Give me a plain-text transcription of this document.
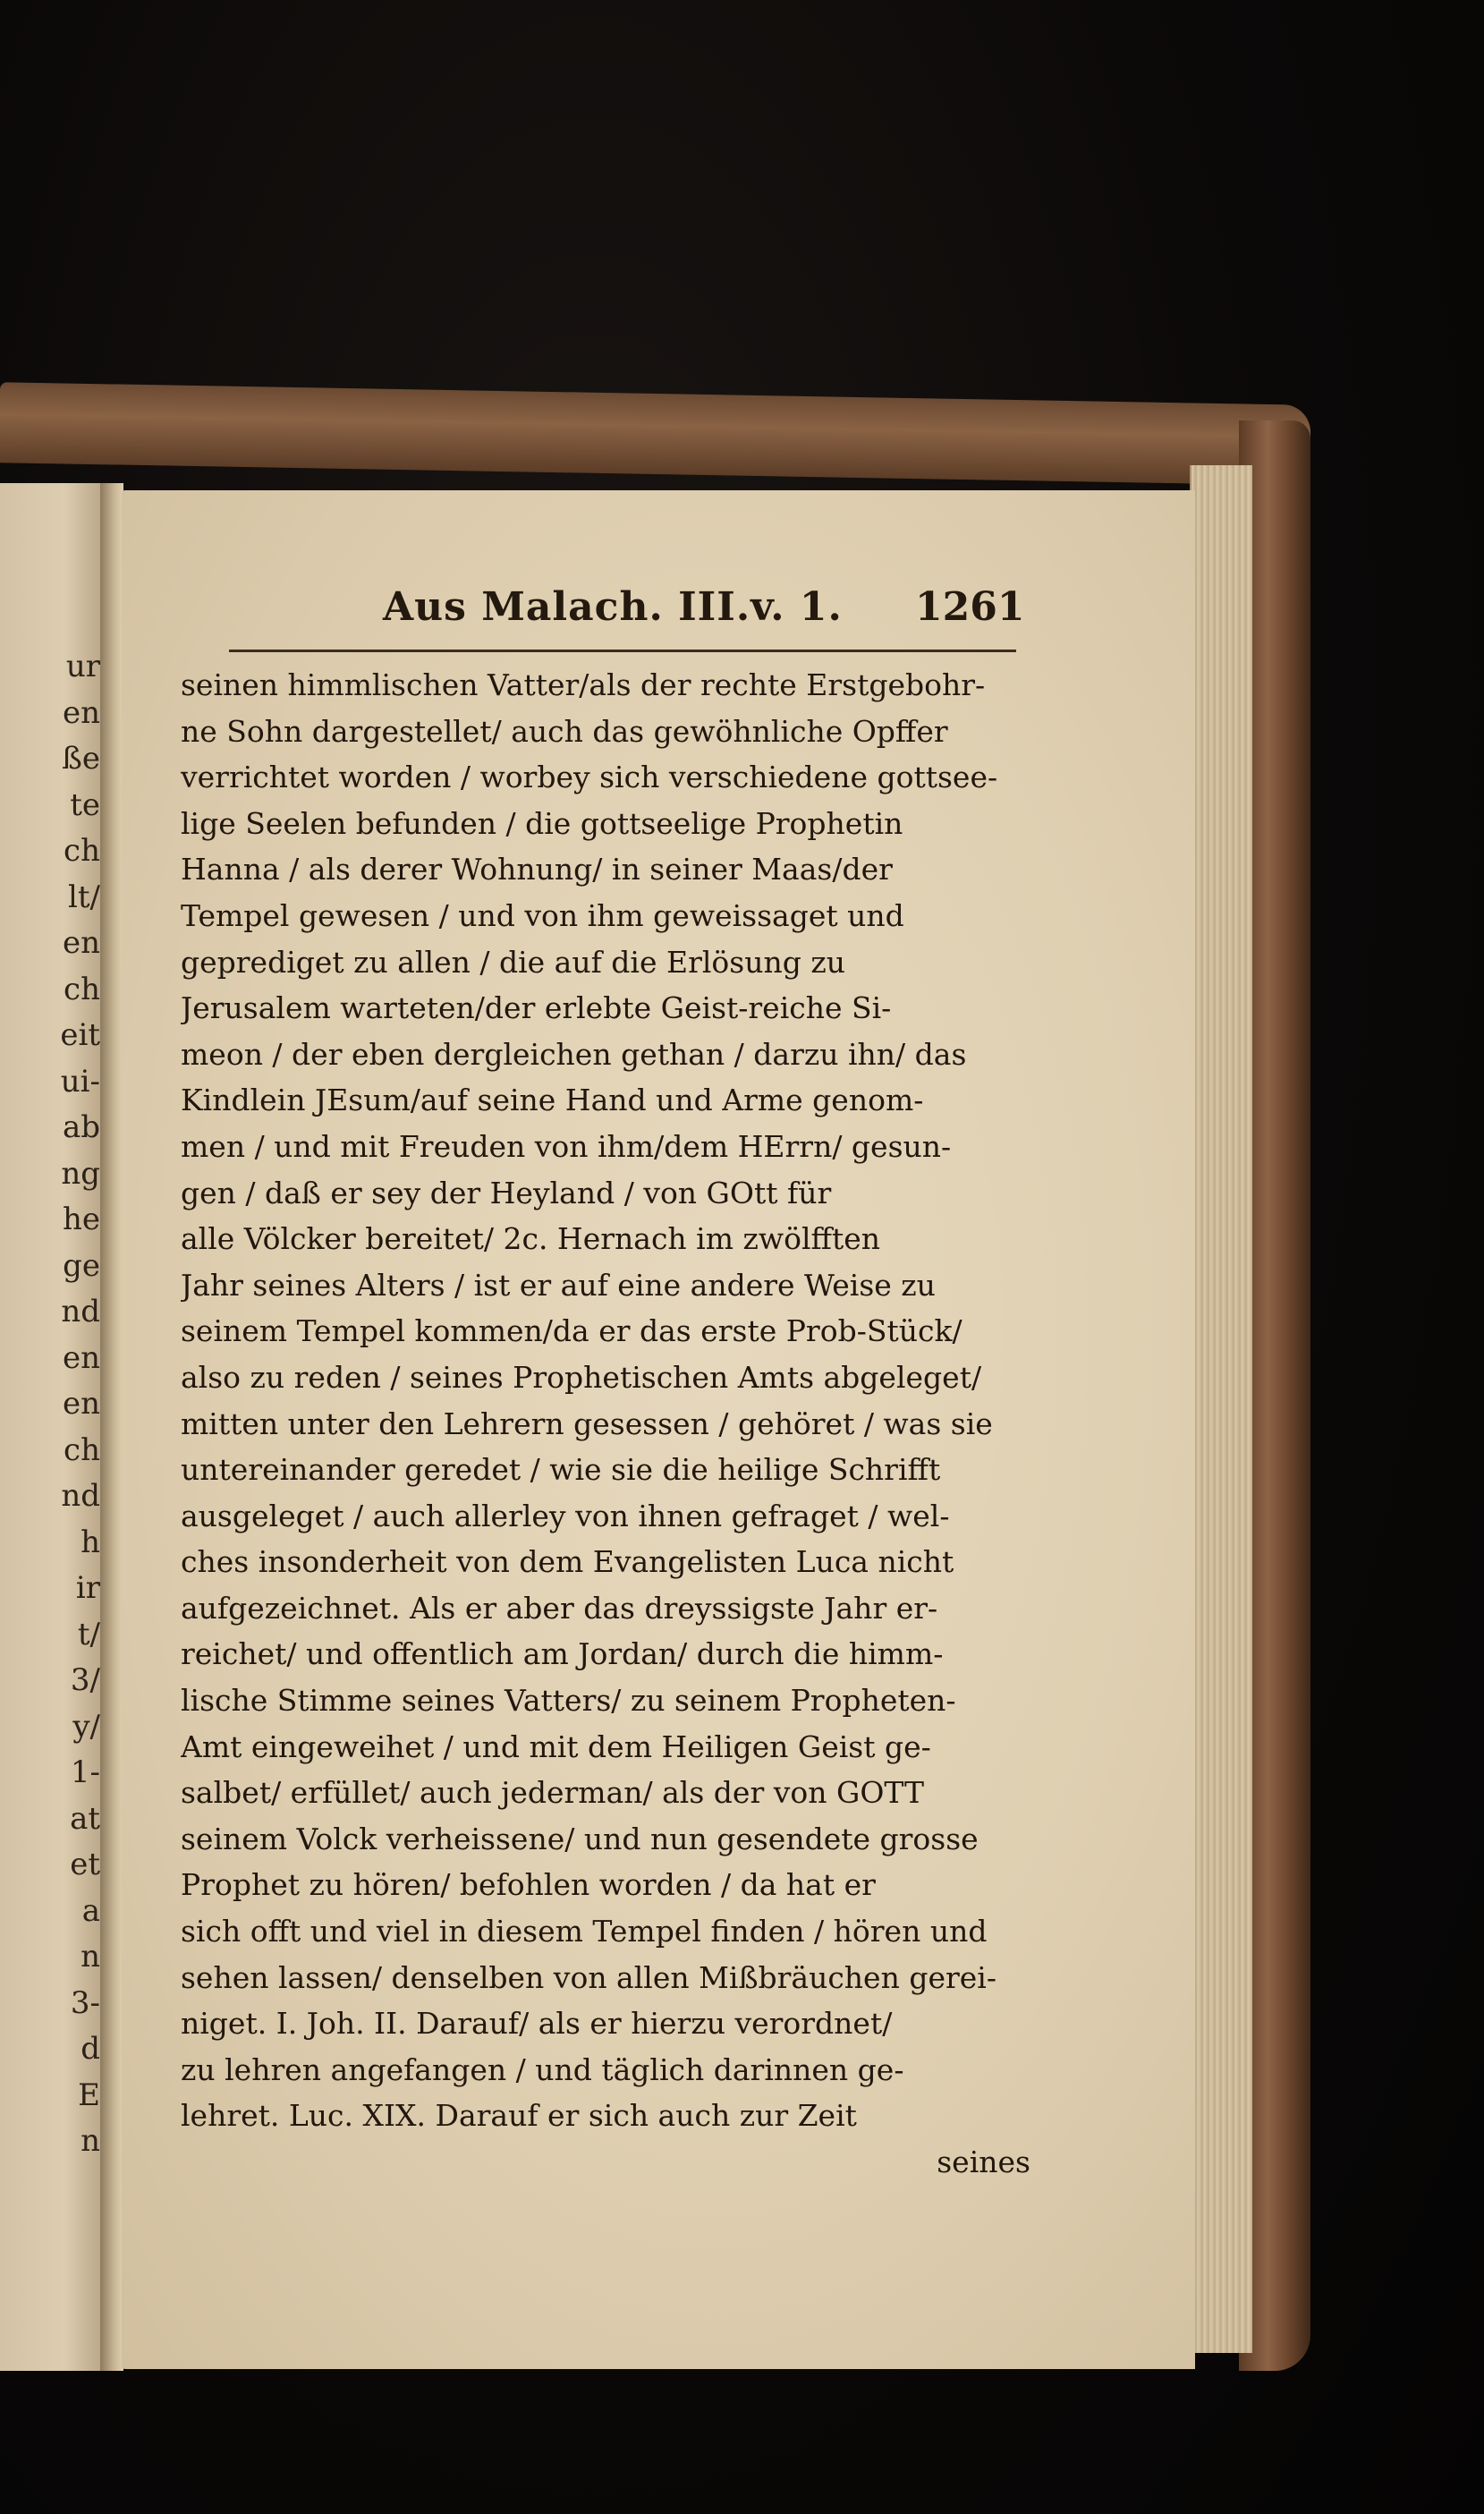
ur
en
ße
te
ch
lt/
en
ch
eit
ui-
ab
ng
he
ge
nd
en
en
ch
nd
h
ir
t/
3/
y/
1-
at
et
a
n
3-
d
E
n
Aus Malach. III.v. 1. 1261
seinen himmlischen Vatter/als der rechte Erstgebohr-
ne Sohn dargestellet/ auch das gewöhnliche Opffer
verrichtet worden / worbey sich verschiedene gottsee-
lige Seelen befunden / die gottseelige Prophetin
Hanna / als derer Wohnung/ in seiner Maas/der
Tempel gewesen / und von ihm geweissaget und
geprediget zu allen / die auf die Erlösung zu
Jerusalem warteten/der erlebte Geist-reiche Si-
meon / der eben dergleichen gethan / darzu ihn/ das
Kindlein JEsum/auf seine Hand und Arme genom-
men / und mit Freuden von ihm/dem HErrn/ gesun-
gen / daß er sey der Heyland / von GOtt für
alle Völcker bereitet/ 2c. Hernach im zwölfften
Jahr seines Alters / ist er auf eine andere Weise zu
seinem Tempel kommen/da er das erste Prob-Stück/
also zu reden / seines Prophetischen Amts abgeleget/
mitten unter den Lehrern gesessen / gehöret / was sie
untereinander geredet / wie sie die heilige Schrifft
ausgeleget / auch allerley von ihnen gefraget / wel-
ches insonderheit von dem Evangelisten Luca nicht
aufgezeichnet. Als er aber das dreyssigste Jahr er-
reichet/ und offentlich am Jordan/ durch die himm-
lische Stimme seines Vatters/ zu seinem Propheten-
Amt eingeweihet / und mit dem Heiligen Geist ge-
salbet/ erfüllet/ auch jederman/ als der von GOTT
seinem Volck verheissene/ und nun gesendete grosse
Prophet zu hören/ befohlen worden / da hat er
sich offt und viel in diesem Tempel finden / hören und
sehen lassen/ denselben von allen Mißbräuchen gerei-
niget. I. Joh. II. Darauf/ als er hierzu verordnet/
zu lehren angefangen / und täglich darinnen ge-
lehret. Luc. XIX. Darauf er sich auch zur Zeit
seines
